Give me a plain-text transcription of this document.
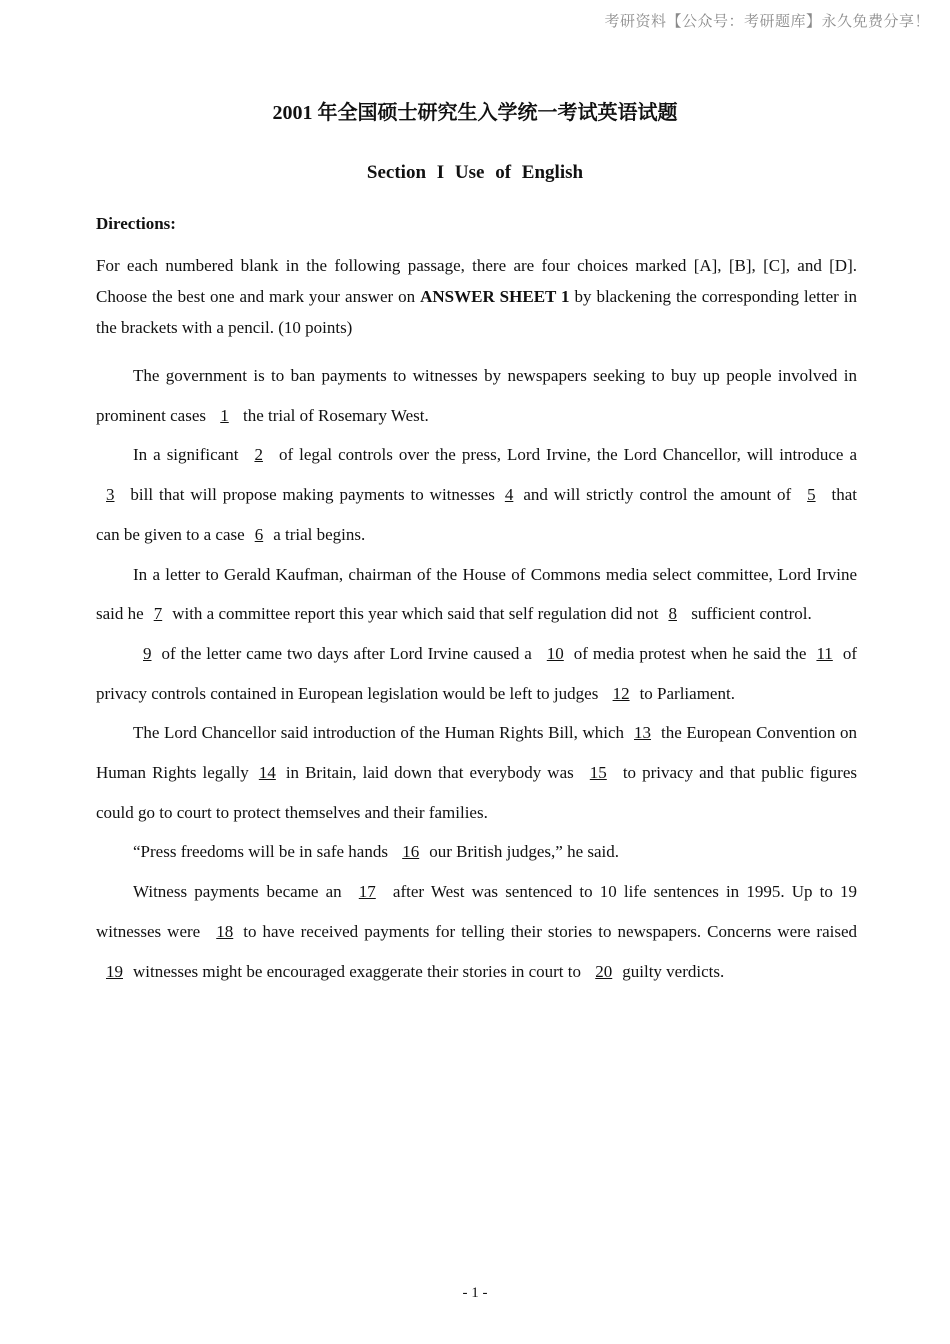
考研资料【公众号：考研题库】永久免费分享！
2001 年全国硕士研究生入学统一考试英语试题
Section I Use of English
Directions:

For each numbered blank in the following passage, there are four choices marked [A], [B], [C], and [D]. Choose the best one and mark your answer on ANSWER SHEET 1 by blackening the corresponding letter in the brackets with a pencil. (10 points)

The government is to ban payments to witnesses by newspapers seeking to buy up people involved in prominent cases 1 the trial of Rosemary West.

In a significant 2 of legal controls over the press, Lord Irvine, the Lord Chancellor, will introduce a 3 bill that will propose making payments to witnesses 4 and will strictly control the amount of 5 that can be given to a case 6 a trial begins.

In a letter to Gerald Kaufman, chairman of the House of Commons media select committee, Lord Irvine said he 7 with a committee report this year which said that self regulation did not 8 sufficient control.

9 of the letter came two days after Lord Irvine caused a 10 of media protest when he said the 11 of privacy controls contained in European legislation would be left to judges 12 to Parliament.

The Lord Chancellor said introduction of the Human Rights Bill, which 13 the European Convention on Human Rights legally 14 in Britain, laid down that everybody was 15 to privacy and that public figures could go to court to protect themselves and their families.

“Press freedoms will be in safe hands 16 our British judges,” he said.

Witness payments became an 17 after West was sentenced to 10 life sentences in 1995. Up to 19 witnesses were 18 to have received payments for telling their stories to newspapers. Concerns were raised 19 witnesses might be encouraged exaggerate their stories in court to 20 guilty verdicts.

- 1 -
